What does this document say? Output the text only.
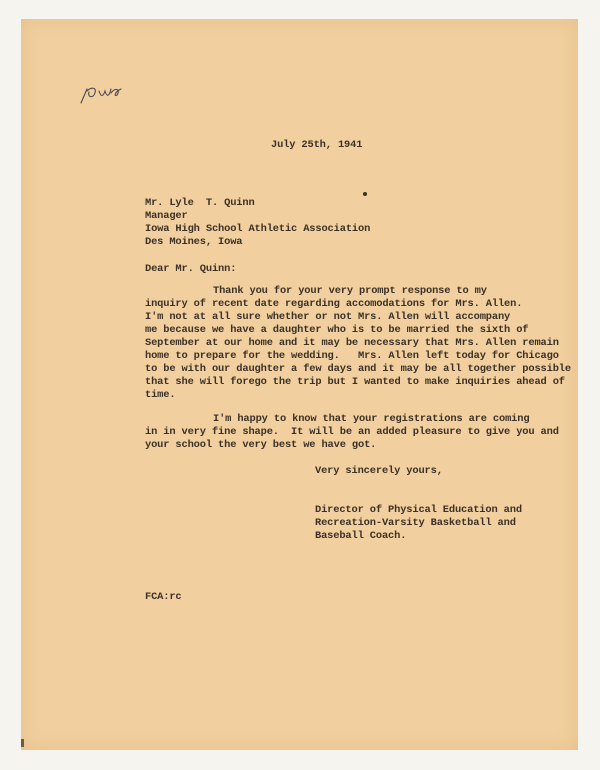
Iowa
July 25th, 1941
Mr. Lyle  T. Quinn
Manager
Iowa High School Athletic Association
Des Moines, Iowa
Dear Mr. Quinn:
Thank you for your very prompt response to my
inquiry of recent date regarding accomodations for Mrs. Allen.
I'm not at all sure whether or not Mrs. Allen will accompany
me because we have a daughter who is to be married the sixth of
September at our home and it may be necessary that Mrs. Allen remain
home to prepare for the wedding.   Mrs. Allen left today for Chicago
to be with our daughter a few days and it may be all together possible
that she will forego the trip but I wanted to make inquiries ahead of
time.
I'm happy to know that your registrations are coming
in in very fine shape.  It will be an added pleasure to give you and
your school the very best we have got.
Very sincerely yours,
Director of Physical Education and
Recreation-Varsity Basketball and
Baseball Coach.
FCA:rc
